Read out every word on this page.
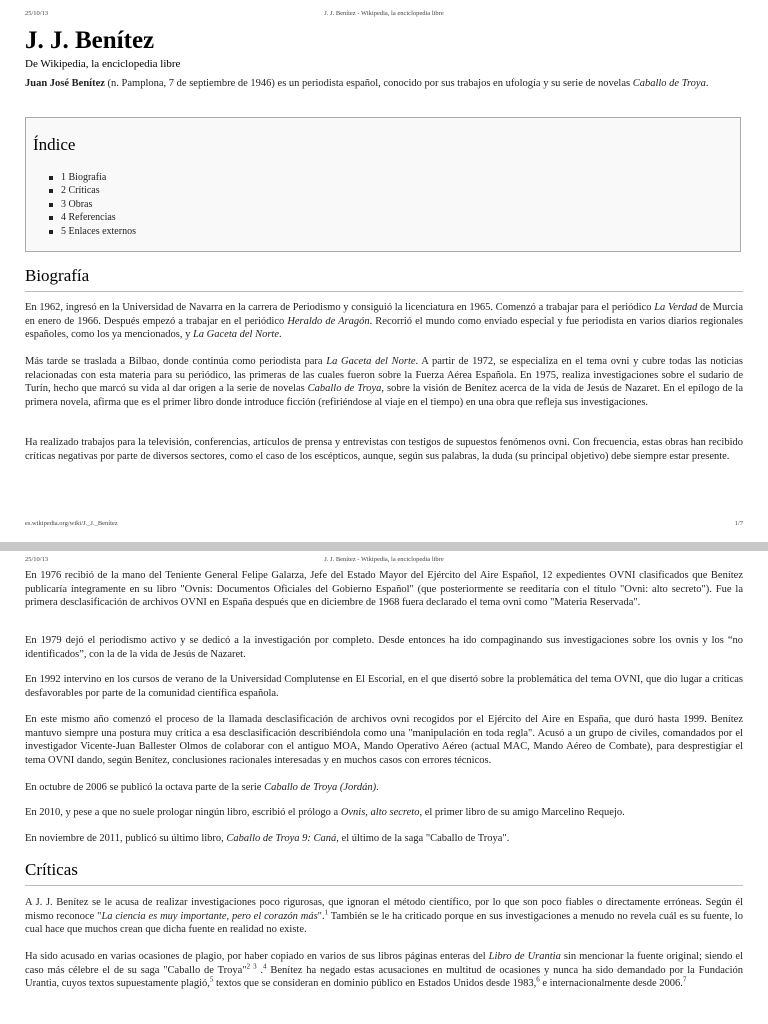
J. J. Benítez - Wikipedia, la enciclopedia libre
25/10/13
J. J. Benítez
De Wikipedia, la enciclopedia libre

Juan José Benítez (n. Pamplona, 7 de septiembre de 1946) es un periodista español, conocido por sus trabajos en ufología y su serie de novelas Caballo de Troya.

Índice
1 Biografía
2 Críticas
3 Obras
4 Referencias
5 Enlaces externos
Biografía

En 1962, ingresó en la Universidad de Navarra en la carrera de Periodismo y consiguió la licenciatura en 1965. Comenzó a trabajar para el periódico La Verdad de Murcia en enero de 1966. Después empezó a trabajar en el periódico Heraldo de Aragón. Recorrió el mundo como enviado especial y fue periodista en varios diarios regionales españoles, como los ya mencionados, y La Gaceta del Norte.

Más tarde se traslada a Bilbao, donde continúa como periodista para La Gaceta del Norte. A partir de 1972, se especializa en el tema ovni y cubre todas las noticias relacionadas con esta materia para su periódico, las primeras de las cuales fueron sobre la Fuerza Aérea Española. En 1975, realiza investigaciones sobre el sudario de Turín, hecho que marcó su vida al dar origen a la serie de novelas Caballo de Troya, sobre la visión de Benítez acerca de la vida de Jesús de Nazaret. En el epílogo de la primera novela, afirma que es el primer libro donde introduce ficción (refiriéndose al viaje en el tiempo) en una obra que refleja sus investigaciones.

Ha realizado trabajos para la televisión, conferencias, artículos de prensa y entrevistas con testigos de supuestos fenómenos ovni. Con frecuencia, estas obras han recibido críticas negativas por parte de diversos sectores, como el caso de los escépticos, aunque, según sus palabras, la duda (su principal objetivo) debe siempre estar presente.

es.wikipedia.org/wiki/J._J._Benítez	1/7
J. J. Benítez - Wikipedia, la enciclopedia libre
25/10/13

En 1976 recibió de la mano del Teniente General Felipe Galarza, Jefe del Estado Mayor del Ejército del Aire Español, 12 expedientes OVNI clasificados que Benítez publicaría íntegramente en su libro "Ovnis: Documentos Oficiales del Gobierno Español" (que posteriormente se reeditaría con el título "Ovni: alto secreto"). Fue la primera desclasificación de archivos OVNI en España después que en diciembre de 1968 fuera declarado el tema ovni como "Materia Reservada".

En 1979 dejó el periodismo activo y se dedicó a la investigación por completo. Desde entonces ha ido compaginando sus investigaciones sobre los ovnis y los “no identificados”, con la de la vida de Jesús de Nazaret.

En 1992 intervino en los cursos de verano de la Universidad Complutense en El Escorial, en el que disertó sobre la problemática del tema OVNI, que dio lugar a críticas desfavorables por parte de la comunidad científica española.

En este mismo año comenzó el proceso de la llamada desclasificación de archivos ovni recogidos por el Ejército del Aire en España, que duró hasta 1999. Benítez mantuvo siempre una postura muy crítica a esa desclasificación describiéndola como una "manipulación en toda regla". Acusó a un grupo de civiles, comandados por el investigador Vicente-Juan Ballester Olmos de colaborar con el antiguo MOA, Mando Operativo Aéreo (actual MAC, Mando Aéreo de Combate), para desprestigiar el tema OVNI dando, según Benítez, conclusiones racionales interesadas y en muchos casos con errores técnicos.

En octubre de 2006 se publicó la octava parte de la serie Caballo de Troya (Jordán).

En 2010, y pese a que no suele prologar ningún libro, escribió el prólogo a Ovnis, alto secreto, el primer libro de su amigo Marcelino Requejo.

En noviembre de 2011, publicó su último libro, Caballo de Troya 9: Caná, el último de la saga "Caballo de Troya".

Críticas

A J. J. Benítez se le acusa de realizar investigaciones poco rigurosas, que ignoran el método científico, por lo que son poco fiables o directamente erróneas. Según él mismo reconoce "La ciencia es muy importante, pero el corazón más".$^1$ También se le ha criticado porque en sus investigaciones a menudo no revela cuál es su fuente, lo cual hace que muchos crean que dicha fuente en realidad no existe.

Ha sido acusado en varias ocasiones de plagio, por haber copiado en varios de sus libros páginas enteras del Libro de Urantia sin mencionar la fuente original; siendo el caso más célebre el de su saga "Caballo de Troya"$^{2 3}$ .$^4$ Benítez ha negado estas acusaciones en multitud de ocasiones y nunca ha sido demandado por la Fundación Urantia, cuyos textos supuestamente plagió,$^5$ textos que se consideran en dominio público en Estados Unidos desde 1983,$^6$ e internacionalmente desde 2006.$^7$
